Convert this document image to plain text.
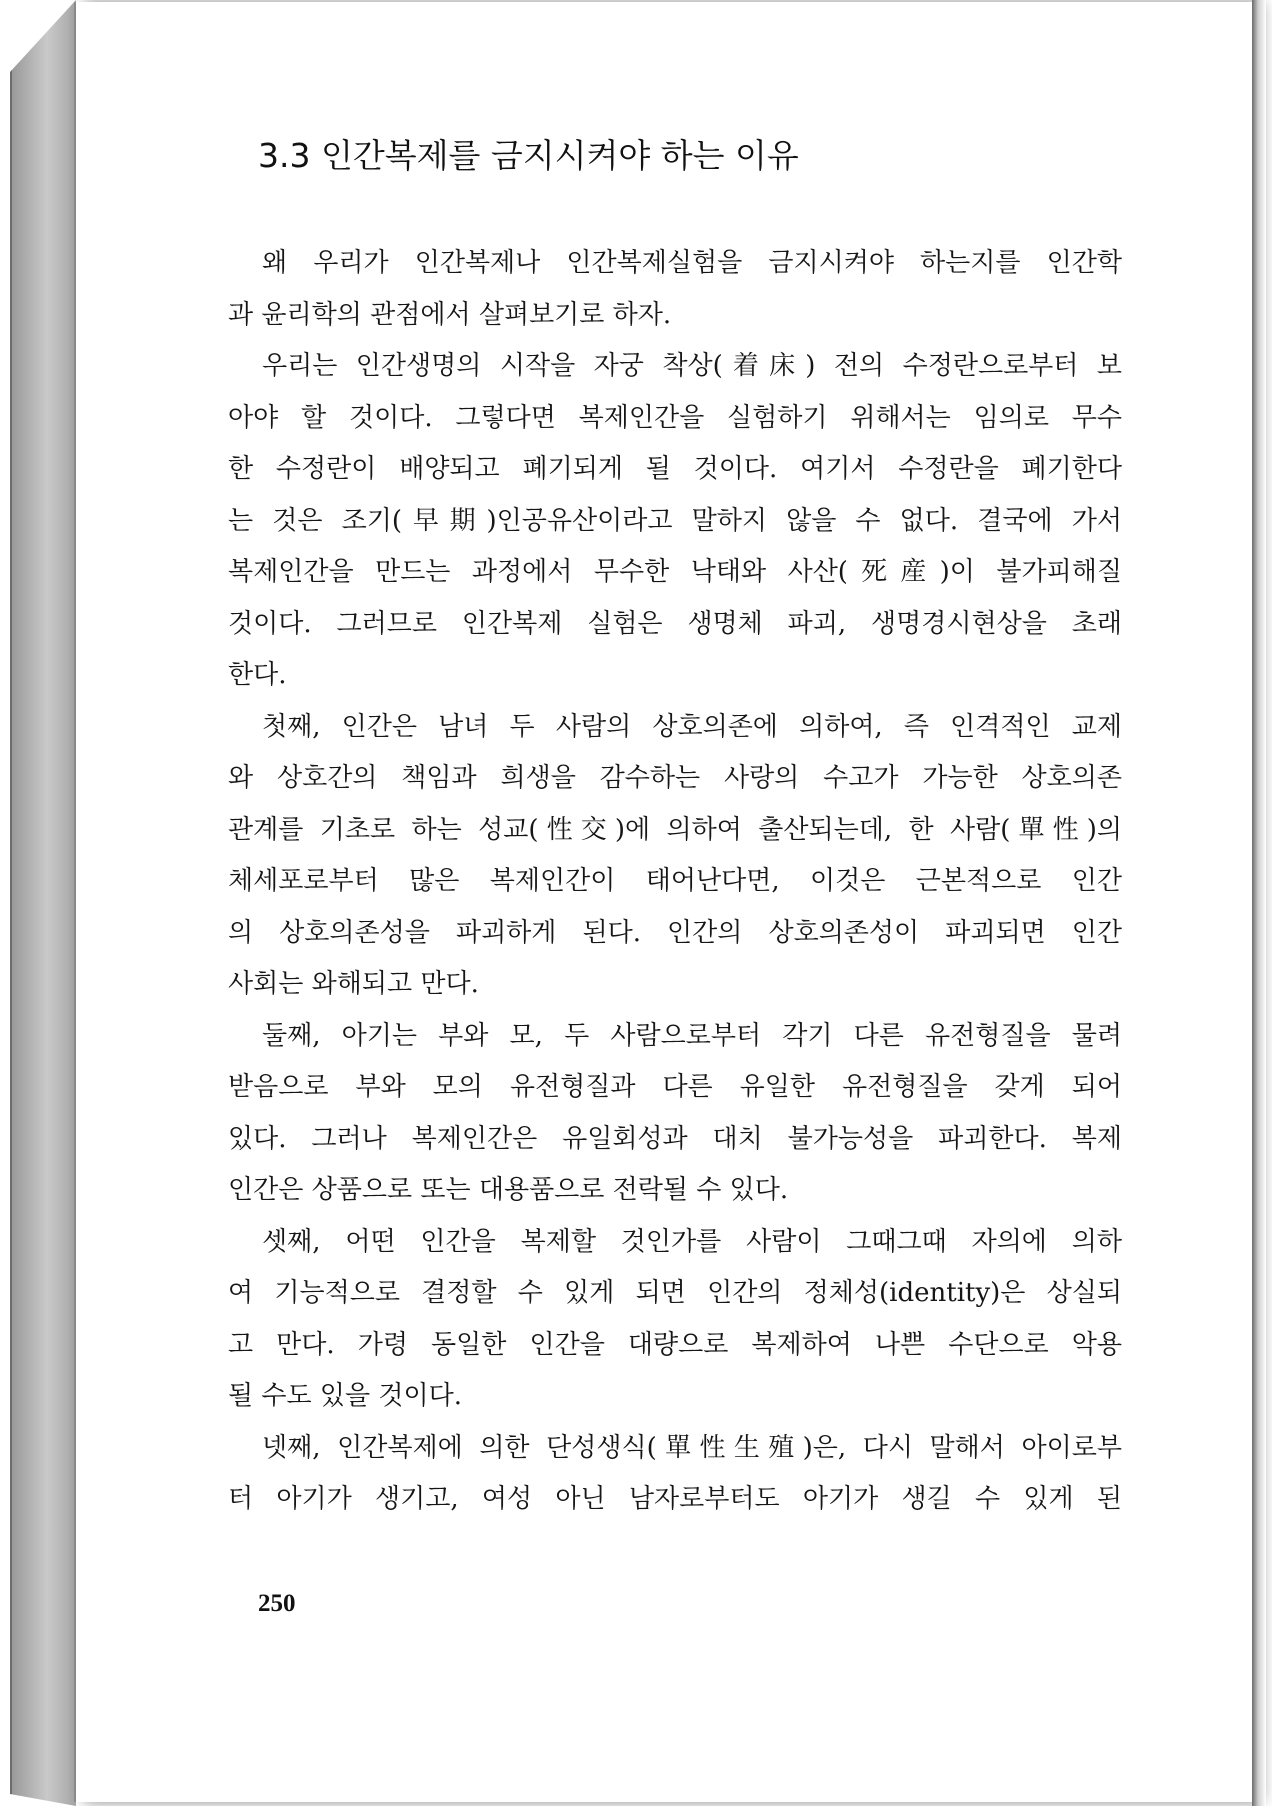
3.3 인간복제를 금지시켜야 하는 이유
왜 우리가 인간복제나 인간복제실험을 금지시켜야 하는지를 인간학
과 윤리학의 관점에서 살펴보기로 하자.
우리는 인간생명의 시작을 자궁 착상(着床) 전의 수정란으로부터 보
아야 할 것이다. 그렇다면 복제인간을 실험하기 위해서는 임의로 무수
한 수정란이 배양되고 폐기되게 될 것이다. 여기서 수정란을 폐기한다
는 것은 조기(早期)인공유산이라고 말하지 않을 수 없다. 결국에 가서
복제인간을 만드는 과정에서 무수한 낙태와 사산(死産)이 불가피해질
것이다. 그러므로 인간복제 실험은 생명체 파괴, 생명경시현상을 초래
한다.
첫째, 인간은 남녀 두 사람의 상호의존에 의하여, 즉 인격적인 교제
와 상호간의 책임과 희생을 감수하는 사랑의 수고가 가능한 상호의존
관계를 기초로 하는 성교(性交)에 의하여 출산되는데, 한 사람(單性)의
체세포로부터 많은 복제인간이 태어난다면, 이것은 근본적으로 인간
의 상호의존성을 파괴하게 된다. 인간의 상호의존성이 파괴되면 인간
사회는 와해되고 만다.
둘째, 아기는 부와 모, 두 사람으로부터 각기 다른 유전형질을 물려
받음으로 부와 모의 유전형질과 다른 유일한 유전형질을 갖게 되어
있다. 그러나 복제인간은 유일회성과 대치 불가능성을 파괴한다. 복제
인간은 상품으로 또는 대용품으로 전락될 수 있다.
셋째, 어떤 인간을 복제할 것인가를 사람이 그때그때 자의에 의하
여 기능적으로 결정할 수 있게 되면 인간의 정체성(identity)은 상실되
고 만다. 가령 동일한 인간을 대량으로 복제하여 나쁜 수단으로 악용
될 수도 있을 것이다.
넷째, 인간복제에 의한 단성생식(單性生殖)은, 다시 말해서 아이로부
터 아기가 생기고, 여성 아닌 남자로부터도 아기가 생길 수 있게 된
250
